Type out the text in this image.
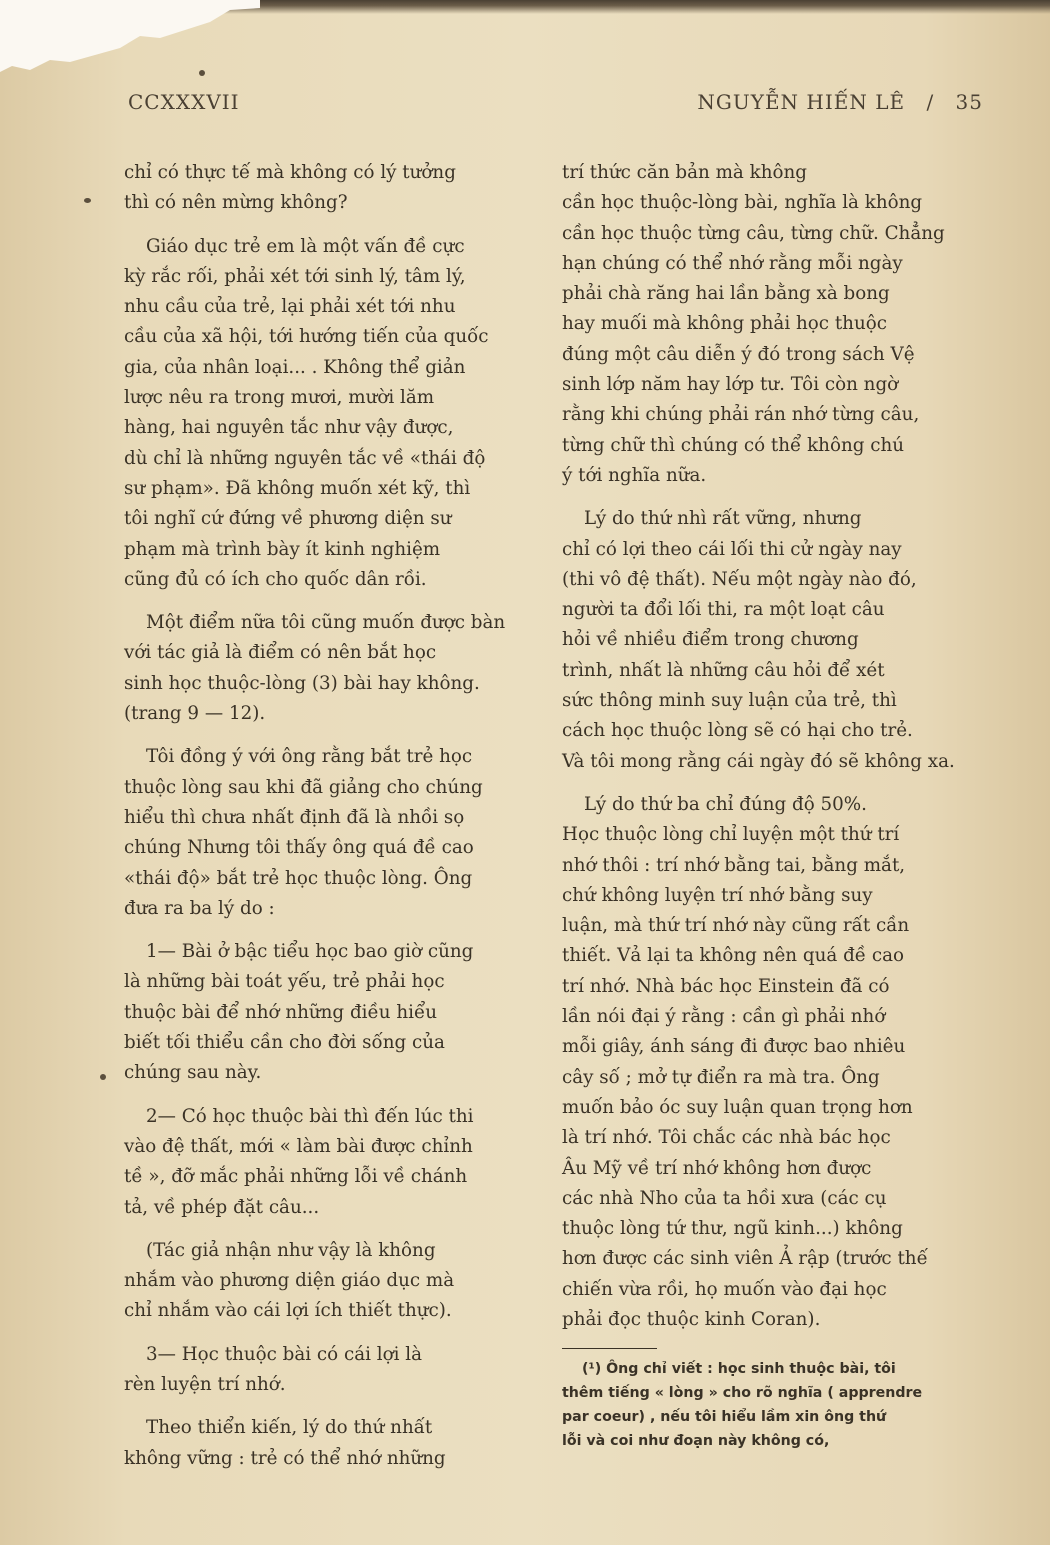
CCXXXVII	NGUYỄN HIẾN LÊ / 35

chỉ có thực tế mà không có lý tưởng
thì có nên mừng không?

Giáo dục trẻ em là một vấn đề cực
kỳ rắc rối, phải xét tới sinh lý, tâm lý,
nhu cầu của trẻ, lại phải xét tới nhu
cầu của xã hội, tới hướng tiến của quốc
gia, của nhân loại... . Không thể giản
lược nêu ra trong mươi, mười lăm
hàng, hai nguyên tắc như vậy được,
dù chỉ là những nguyên tắc về «thái độ
sư phạm». Đã không muốn xét kỹ, thì
tôi nghĩ cứ đứng về phương diện sư
phạm mà trình bày ít kinh nghiệm
cũng đủ có ích cho quốc dân rồi.

Một điểm nữa tôi cũng muốn được bàn
với tác giả là điểm có nên bắt học
sinh học thuộc-lòng (3) bài hay không.
(trang 9 — 12).

Tôi đồng ý với ông rằng bắt trẻ học
thuộc lòng sau khi đã giảng cho chúng
hiểu thì chưa nhất định đã là nhồi sọ
chúng Nhưng tôi thấy ông quá đề cao
«thái độ» bắt trẻ học thuộc lòng. Ông
đưa ra ba lý do :

1— Bài ở bậc tiểu học bao giờ cũng
là những bài toát yếu, trẻ phải học
thuộc bài để nhớ những điều hiểu
biết tối thiểu cần cho đời sống của
chúng sau này.

2— Có học thuộc bài thì đến lúc thi
vào đệ thất, mới « làm bài được chỉnh
tề », đỡ mắc phải những lỗi về chánh
tả, về phép đặt câu...

(Tác giả nhận như vậy là không
nhắm vào phương diện giáo dục mà
chỉ nhắm vào cái lợi ích thiết thực).

3— Học thuộc bài có cái lợi là
rèn luyện trí nhớ.

Theo thiển kiến, lý do thứ nhất
không vững : trẻ có thể nhớ những

trí thức căn bản mà không
cần học thuộc-lòng bài, nghĩa là không
cần học thuộc từng câu, từng chữ. Chẳng
hạn chúng có thể nhớ rằng mỗi ngày
phải chà răng hai lần bằng xà bong
hay muối mà không phải học thuộc
đúng một câu diễn ý đó trong sách Vệ
sinh lớp năm hay lớp tư. Tôi còn ngờ
rằng khi chúng phải rán nhớ từng câu,
từng chữ thì chúng có thể không chú
ý tới nghĩa nữa.

Lý do thứ nhì rất vững, nhưng
chỉ có lợi theo cái lối thi cử ngày nay
(thi vô đệ thất). Nếu một ngày nào đó,
người ta đổi lối thi, ra một loạt câu
hỏi về nhiều điểm trong chương
trình, nhất là những câu hỏi để xét
sức thông minh suy luận của trẻ, thì
cách học thuộc lòng sẽ có hại cho trẻ.
Và tôi mong rằng cái ngày đó sẽ không xa.

Lý do thứ ba chỉ đúng độ 50%.
Học thuộc lòng chỉ luyện một thứ trí
nhớ thôi : trí nhớ bằng tai, bằng mắt,
chứ không luyện trí nhớ bằng suy
luận, mà thứ trí nhớ này cũng rất cần
thiết. Vả lại ta không nên quá đề cao
trí nhớ. Nhà bác học Einstein đã có
lần nói đại ý rằng : cần gì phải nhớ
mỗi giây, ánh sáng đi được bao nhiêu
cây số ; mở tự điển ra mà tra. Ông
muốn bảo óc suy luận quan trọng hơn
là trí nhớ. Tôi chắc các nhà bác học
Âu Mỹ về trí nhớ không hơn được
các nhà Nho của ta hồi xưa (các cụ
thuộc lòng tứ thư, ngũ kinh...) không
hơn được các sinh viên Ả rập (trước thế
chiến vừa rồi, họ muốn vào đại học
phải đọc thuộc kinh Coran).

(¹) Ông chỉ viết : học sinh thuộc bài, tôi
thêm tiếng « lòng » cho rõ nghĩa ( apprendre
par coeur) , nếu tôi hiểu lầm xin ông thứ
lỗi và coi như đoạn này không có,
